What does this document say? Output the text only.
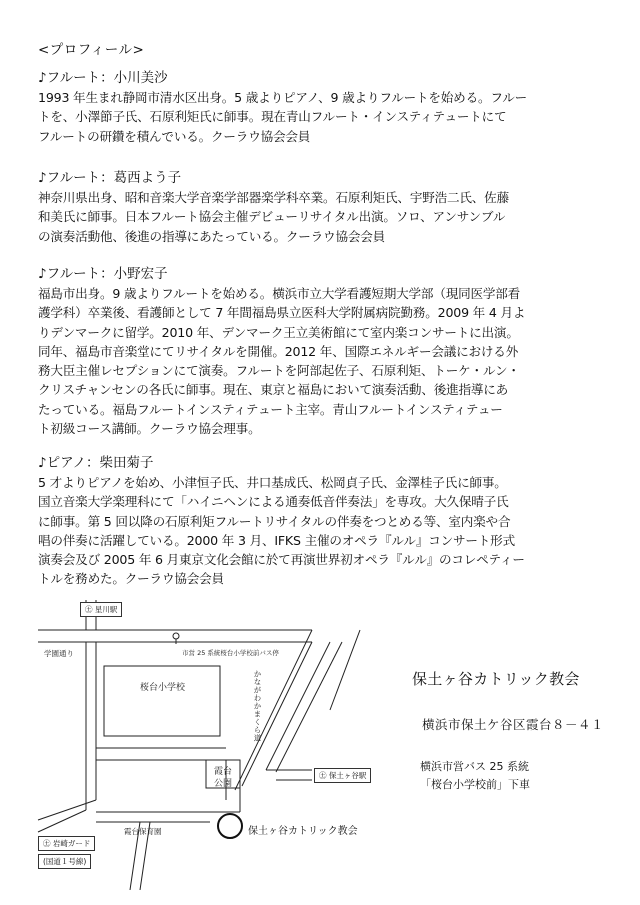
<プロフィール>
♪フルート：小川美沙
1993 年生まれ静岡市清水区出身。5 歳よりピアノ、9 歳よりフルートを始める。フルー
トを、小澤節子氏、石原利矩氏に師事。現在青山フルート・インスティテュートにて
フルートの研鑽を積んでいる。クーラウ協会会員
♪フルート：葛西よう子
神奈川県出身、昭和音楽大学音楽学部器楽学科卒業。石原利矩氏、宇野浩二氏、佐藤
和美氏に師事。日本フルート協会主催デビューリサイタル出演。ソロ、アンサンブル
の演奏活動他、後進の指導にあたっている。クーラウ協会会員
♪フルート：小野宏子
福島市出身。9 歳よりフルートを始める。横浜市立大学看護短期大学部（現同医学部看
護学科）卒業後、看護師として 7 年間福島県立医科大学附属病院勤務。2009 年 4 月よ
りデンマークに留学。2010 年、デンマーク王立美術館にて室内楽コンサートに出演。
同年、福島市音楽堂にてリサイタルを開催。2012 年、国際エネルギー会議における外
務大臣主催レセプションにて演奏。フルートを阿部起佐子、石原利矩、トーケ・ルン・
クリスチャンセンの各氏に師事。現在、東京と福島において演奏活動、後進指導にあ
たっている。福島フルートインスティテュート主宰。青山フルートインスティテュー
ト初級コース講師。クーラウ協会理事。
♪ピアノ：柴田菊子
5 才よりピアノを始め、小津恒子氏、井口基成氏、松岡貞子氏、金澤桂子氏に師事。
国立音楽大学楽理科にて「ハイニヘンによる通奏低音伴奏法」を専攻。大久保晴子氏
に師事。第 5 回以降の石原利矩フルートリサイタルの伴奏をつとめる等、室内楽や合
唱の伴奏に活躍している。2000 年 3 月、IFKS 主催のオペラ『ルル』コンサート形式
演奏会及び 2005 年 6 月東京文化会館に於て再演世界初オペラ『ルル』のコレペティー
トルを務めた。クーラウ協会会員
㊏ 星川駅
学園通り	市営 25 系統桜台小学校前バス停
桜台小学校	かながわかまくら道
霞台
公園
㊏ 保土ヶ谷駅
霞台保育園
㊏ 岩崎ガード
(国道１号線)
保土ヶ谷カトリック教会
保土ヶ谷カトリック教会
横浜市保土ケ谷区霞台８－４１
横浜市営バス 25 系統
「桜台小学校前」下車
